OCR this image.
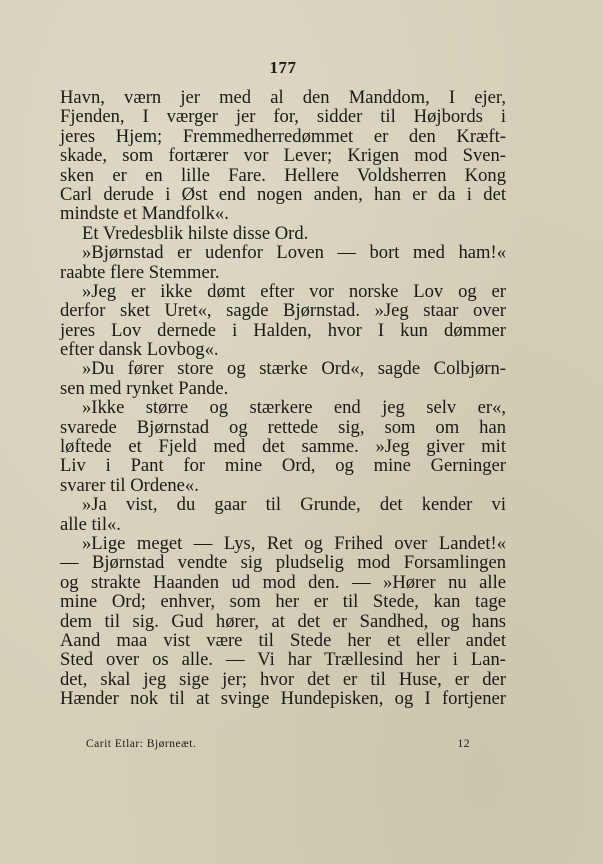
177
Havn, værn jer med al den Manddom, I ejer,
Fjenden, I værger jer for, sidder til Højbords i
jeres Hjem; Fremmedherredømmet er den Kræft-
skade, som fortærer vor Lever; Krigen mod Sven-
sken er en lille Fare. Hellere Voldsherren Kong
Carl derude i Øst end nogen anden, han er da i det
mindste et Mandfolk«.
Et Vredesblik hilste disse Ord.
»Bjørnstad er udenfor Loven — bort med ham!«
raabte flere Stemmer.
»Jeg er ikke dømt efter vor norske Lov og er
derfor sket Uret«, sagde Bjørnstad. »Jeg staar over
jeres Lov dernede i Halden, hvor I kun dømmer
efter dansk Lovbog«.
»Du fører store og stærke Ord«, sagde Colbjørn-
sen med rynket Pande.
»Ikke større og stærkere end jeg selv er«,
svarede Bjørnstad og rettede sig, som om han
løftede et Fjeld med det samme. »Jeg giver mit
Liv i Pant for mine Ord, og mine Gerninger
svarer til Ordene«.
»Ja vist, du gaar til Grunde, det kender vi
alle til«.
»Lige meget — Lys, Ret og Frihed over Landet!«
— Bjørnstad vendte sig pludselig mod Forsamlingen
og strakte Haanden ud mod den. — »Hører nu alle
mine Ord; enhver, som her er til Stede, kan tage
dem til sig. Gud hører, at det er Sandhed, og hans
Aand maa vist være til Stede her et eller andet
Sted over os alle. — Vi har Trællesind her i Lan-
det, skal jeg sige jer; hvor det er til Huse, er der
Hænder nok til at svinge Hundepisken, og I fortjener
Carit Etlar: Bjørneæt.	12
